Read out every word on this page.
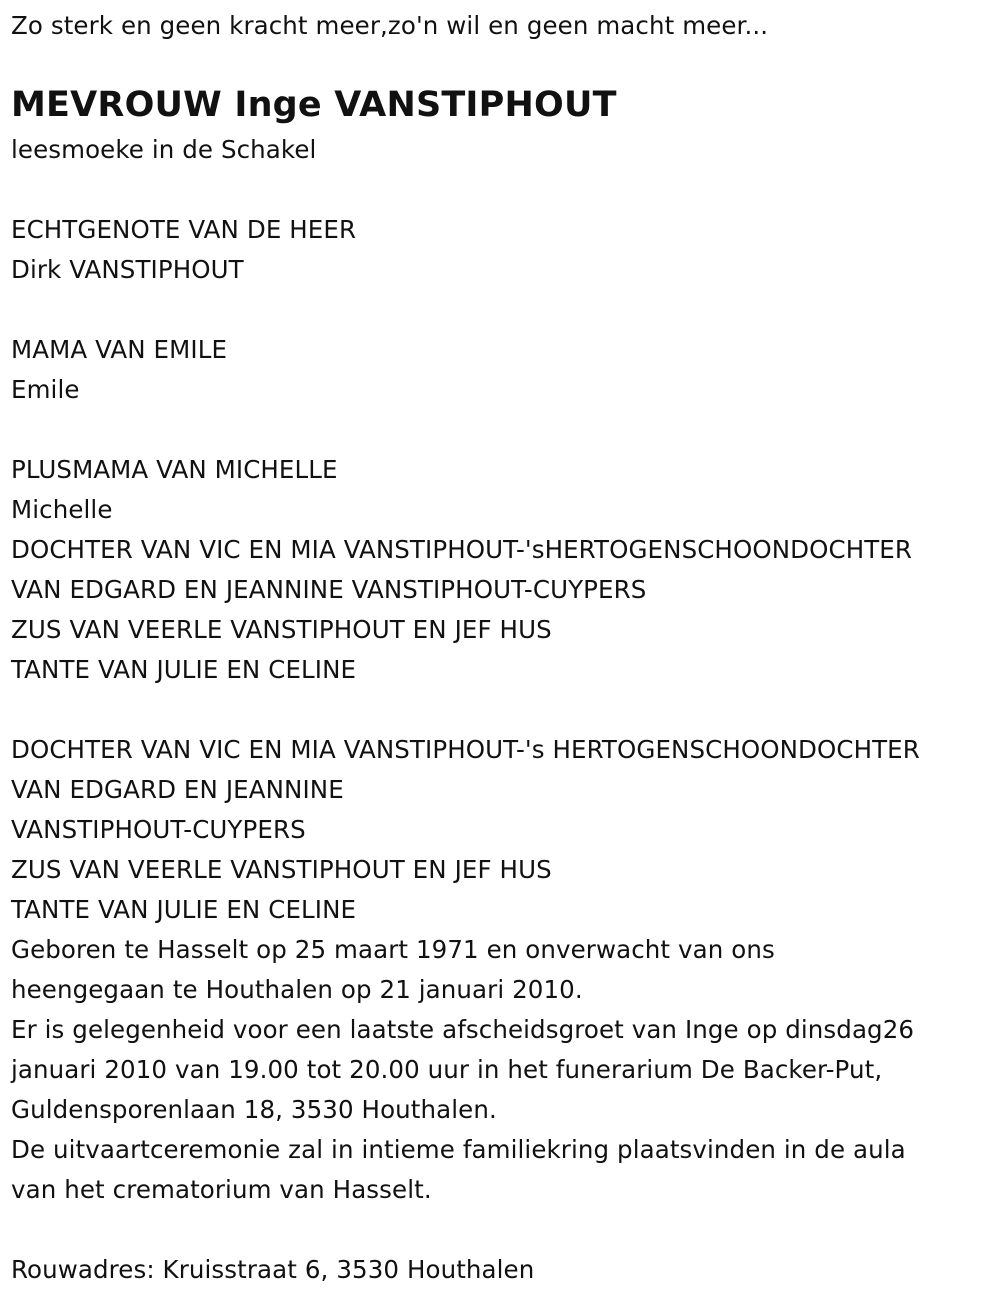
Zo sterk en geen kracht meer,zo'n wil en geen macht meer...
MEVROUW Inge VANSTIPHOUT
leesmoeke in de Schakel
ECHTGENOTE VAN DE HEER
Dirk VANSTIPHOUT
MAMA VAN EMILE
Emile
PLUSMAMA VAN MICHELLE
Michelle
DOCHTER VAN VIC EN MIA VANSTIPHOUT-'sHERTOGENSCHOONDOCHTER
VAN EDGARD EN JEANNINE VANSTIPHOUT-CUYPERS
ZUS VAN VEERLE VANSTIPHOUT EN JEF HUS
TANTE VAN JULIE EN CELINE
DOCHTER VAN VIC EN MIA VANSTIPHOUT-'s HERTOGENSCHOONDOCHTER
VAN EDGARD EN JEANNINE
VANSTIPHOUT-CUYPERS
ZUS VAN VEERLE VANSTIPHOUT EN JEF HUS
TANTE VAN JULIE EN CELINE
Geboren te Hasselt op 25 maart 1971 en onverwacht van ons
heengegaan te Houthalen op 21 januari 2010.
Er is gelegenheid voor een laatste afscheidsgroet van Inge op dinsdag26
januari 2010 van 19.00 tot 20.00 uur in het funerarium De Backer-Put,
Guldensporenlaan 18, 3530 Houthalen.
De uitvaartceremonie zal in intieme familiekring plaatsvinden in de aula
van het crematorium van Hasselt.
Rouwadres: Kruisstraat 6, 3530 Houthalen
